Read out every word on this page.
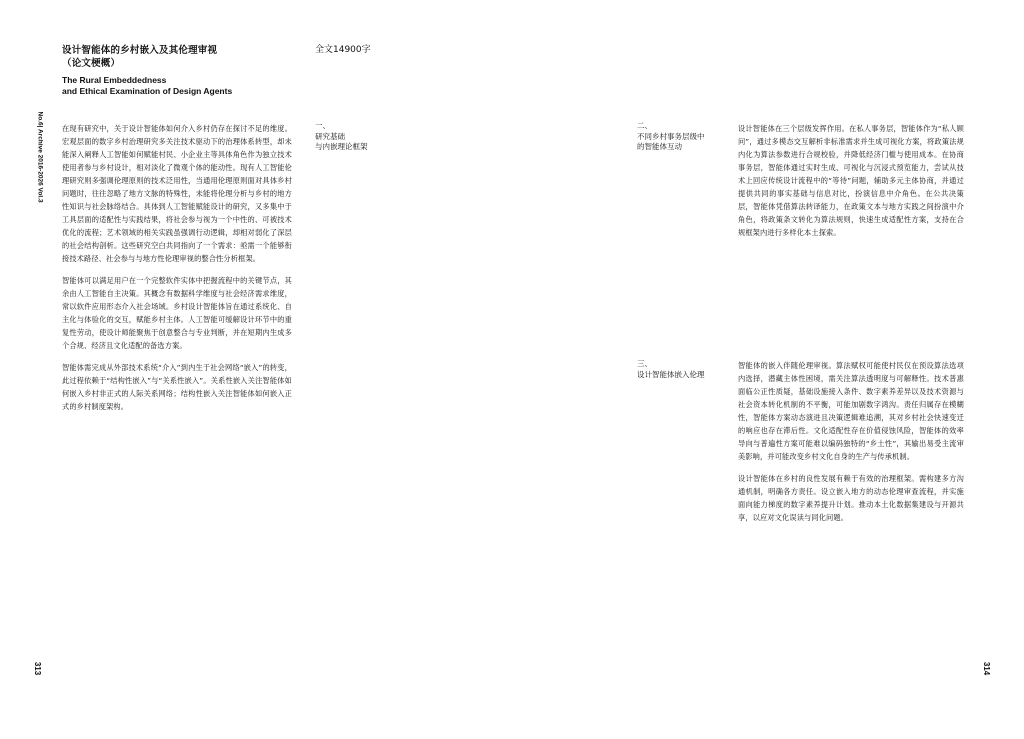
设计智能体的乡村嵌入及其伦理审视
（论文梗概）
The Rural Embeddedness
and Ethical Examination of Design Agents
全文14900字
No.6| Archive 2016-2026 Vol.3
313	314

在现有研究中，关于设计智能体如何介入乡村仍存在探讨不足的维度。宏观层面的数字乡村治理研究多关注技术驱动下的治理体系转型，却未能深入阐释人工智能如何赋能村民、小企业主等具体角色作为独立技术使用者参与乡村设计，相对淡化了微观个体的能动性。现有人工智能伦理研究则多强调伦理原则的技术泛用性，当通用伦理原则面对具体乡村问题时，往往忽略了地方文脉的特殊性，未能将伦理分析与乡村的地方性知识与社会脉络结合。具体到人工智能赋能设计的研究，又多集中于工具层面的适配性与实践结果，将社会参与视为一个中性的、可被技术优化的流程；艺术领域的相关实践虽强调行动逻辑，却相对弱化了深层的社会结构剖析。这些研究空白共同指向了一个需求：亟需一个能够衔接技术路径、社会参与与地方性伦理审视的整合性分析框架。

智能体可以满足用户在一个完整软件实体中把握流程中的关键节点，其余由人工智能自主决策。其概念有数据科学维度与社会经济需求维度，常以软件应用形态介入社会场域。乡村设计智能体旨在通过系统化、自主化与体验化的交互，赋能乡村主体。人工智能可缓解设计环节中的重复性劳动，使设计师能聚焦于创意整合与专业判断，并在短期内生成多个合规、经济且文化适配的备选方案。

智能体需完成从外部技术系统“介入”到内生于社会网络“嵌入”的转变，此过程依赖于“结构性嵌入”与“关系性嵌入”。关系性嵌入关注智能体如何嵌入乡村非正式的人际关系网络；结构性嵌入关注智能体如何嵌入正式的乡村制度架构。

一、
研究基础
与内嵌理论框架
二、
不同乡村事务层级中
的智能体互动
三、
设计智能体嵌入伦理

设计智能体在三个层级发挥作用。在私人事务层，智能体作为“私人顾问”，通过多模态交互解析非标准需求并生成可视化方案，将政策法规内化为算法参数进行合规校验，并降低经济门槛与使用成本。在协商事务层，智能体通过实时生成、可视化与沉浸式预览能力，尝试从技术上回应传统设计流程中的“等待”问题，辅助多元主体协商，并通过提供共同的事实基础与信息对比，扮演信息中介角色。在公共决策层，智能体凭借算法转译能力，在政策文本与地方实践之间扮演中介角色，将政策条文转化为算法规则，快速生成适配性方案，支持在合规框架内进行多样化本土探索。

智能体的嵌入伴随伦理审视。算法赋权可能使村民仅在预设算法选项内选择，潜藏主体性困境，需关注算法透明度与可解释性。技术普惠面临公正性质疑，基础设施接入条件、数字素养差异以及技术资源与社会资本转化机制的不平衡，可能加剧数字鸿沟。责任归属存在模糊性，智能体方案动态演进且决策逻辑难追溯，其对乡村社会快速变迁的响应也存在滞后性。文化适配性存在价值侵蚀风险，智能体的效率导向与普遍性方案可能难以编码独特的“乡土性”，其输出易受主流审美影响，并可能改变乡村文化自身的生产与传承机制。

设计智能体在乡村的良性发展有赖于有效的治理框架。需构建多方沟通机制，明确各方责任。设立嵌入地方的动态伦理审查流程，并实施面向能力梯度的数字素养提升计划。推动本土化数据集建设与开源共享，以应对文化误读与同化问题。
